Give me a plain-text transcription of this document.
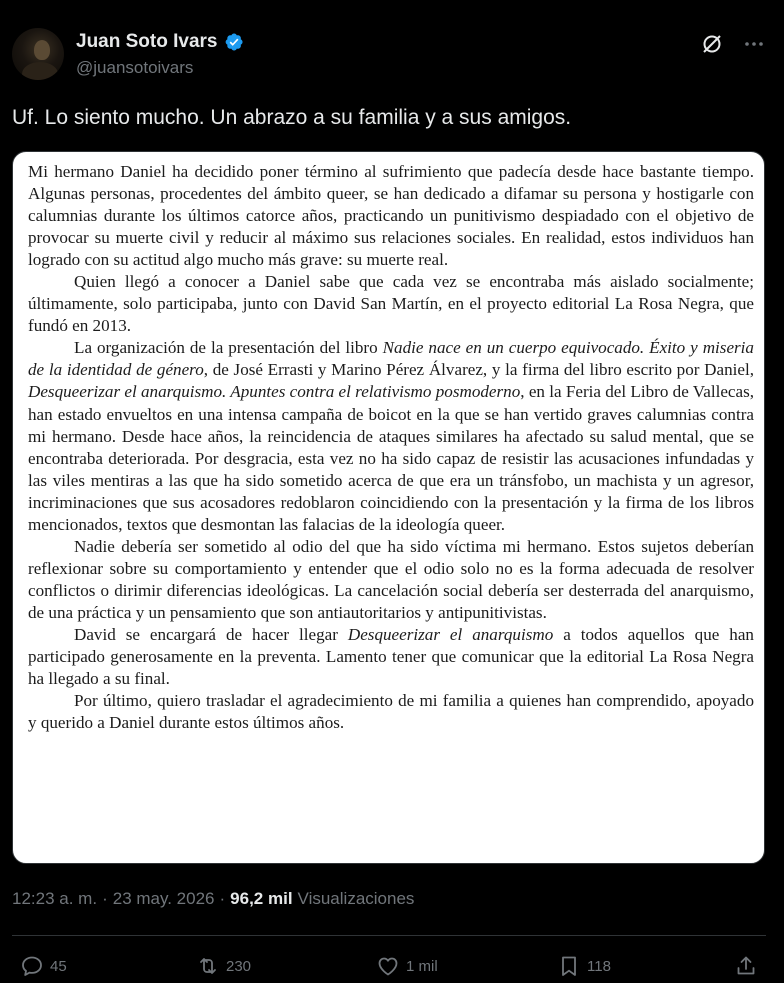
Juan Soto Ivars
@juansotoivars
Uf. Lo siento mucho. Un abrazo a su familia y a sus amigos.

Mi hermano Daniel ha decidido poner término al sufrimiento que padecía desde hace bastante tiempo. Algunas personas, procedentes del ámbito queer, se han dedicado a difamar su persona y hostigarle con calumnias durante los últimos catorce años, practicando un punitivismo despiadado con el objetivo de provocar su muerte civil y reducir al máximo sus relaciones sociales. En realidad, estos individuos han logrado con su actitud algo mucho más grave: su muerte real.

Quien llegó a conocer a Daniel sabe que cada vez se encontraba más aislado socialmente; últimamente, solo participaba, junto con David San Martín, en el proyecto editorial La Rosa Negra, que fundó en 2013.

La organización de la presentación del libro Nadie nace en un cuerpo equivocado. Éxito y miseria de la identidad de género, de José Errasti y Marino Pérez Álvarez, y la firma del libro escrito por Daniel, Desqueerizar el anarquismo. Apuntes contra el relativismo posmoderno, en la Feria del Libro de Vallecas, han estado envueltos en una intensa campaña de boicot en la que se han vertido graves calumnias contra mi hermano. Desde hace años, la reincidencia de ataques similares ha afectado su salud mental, que se encontraba deteriorada. Por desgracia, esta vez no ha sido capaz de resistir las acusaciones infundadas y las viles mentiras a las que ha sido sometido acerca de que era un tránsfobo, un machista y un agresor, incriminaciones que sus acosadores redoblaron coincidiendo con la presentación y la firma de los libros mencionados, textos que desmontan las falacias de la ideología queer.

Nadie debería ser sometido al odio del que ha sido víctima mi hermano. Estos sujetos deberían reflexionar sobre su comportamiento y entender que el odio solo no es la forma adecuada de resolver conflictos o dirimir diferencias ideológicas. La cancelación social debería ser desterrada del anarquismo, de una práctica y un pensamiento que son antiautoritarios y antipunitivistas.

David se encargará de hacer llegar Desqueerizar el anarquismo a todos aquellos que han participado generosamente en la preventa. Lamento tener que comunicar que la editorial La Rosa Negra ha llegado a su final.

Por último, quiero trasladar el agradecimiento de mi familia a quienes han comprendido, apoyado y querido a Daniel durante estos últimos años.

12:23 a. m. · 23 may. 2026 · 96,2 mil Visualizaciones
45	230	1 mil	118
